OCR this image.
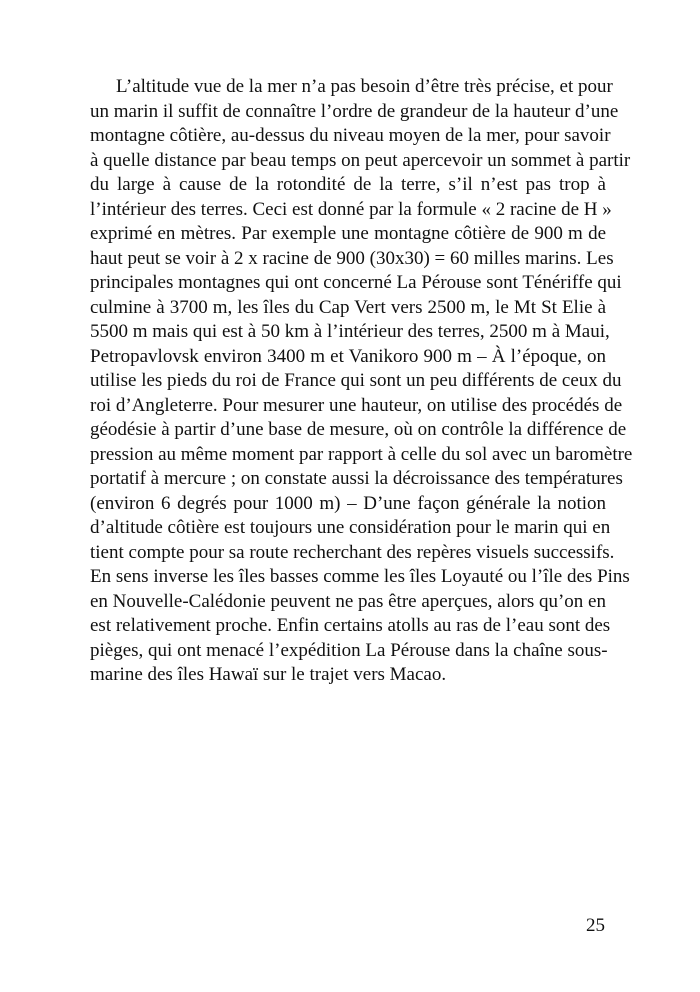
L’altitude vue de la mer n’a pas besoin d’être très précise, et pour
un marin il suffit de connaître l’ordre de grandeur de la hauteur d’une
montagne côtière, au-dessus du niveau moyen de la mer, pour savoir
à quelle distance par beau temps on peut apercevoir un sommet à partir
du large à cause de la rotondité de la terre, s’il n’est pas trop à
l’intérieur des terres. Ceci est donné par la formule « 2 racine de H »
exprimé en mètres. Par exemple une montagne côtière de 900 m de
haut peut se voir à 2 x racine de 900 (30x30) = 60 milles marins. Les
principales montagnes qui ont concerné La Pérouse sont Ténériffe qui
culmine à 3700 m, les îles du Cap Vert vers 2500 m, le Mt St Elie à
5500 m mais qui est à 50 km à l’intérieur des terres, 2500 m à Maui,
Petropavlovsk environ 3400 m et Vanikoro 900 m – À l’époque, on
utilise les pieds du roi de France qui sont un peu différents de ceux du
roi d’Angleterre. Pour mesurer une hauteur, on utilise des procédés de
géodésie à partir d’une base de mesure, où on contrôle la différence de
pression au même moment par rapport à celle du sol avec un baromètre
portatif à mercure ; on constate aussi la décroissance des températures
(environ 6 degrés pour 1000 m) – D’une façon générale la notion
d’altitude côtière est toujours une considération pour le marin qui en
tient compte pour sa route recherchant des repères visuels successifs.
En sens inverse les îles basses comme les îles Loyauté ou l’île des Pins
en Nouvelle-Calédonie peuvent ne pas être aperçues, alors qu’on en
est relativement proche. Enfin certains atolls au ras de l’eau sont des
pièges, qui ont menacé l’expédition La Pérouse dans la chaîne sous-
marine des îles Hawaï sur le trajet vers Macao.
25
